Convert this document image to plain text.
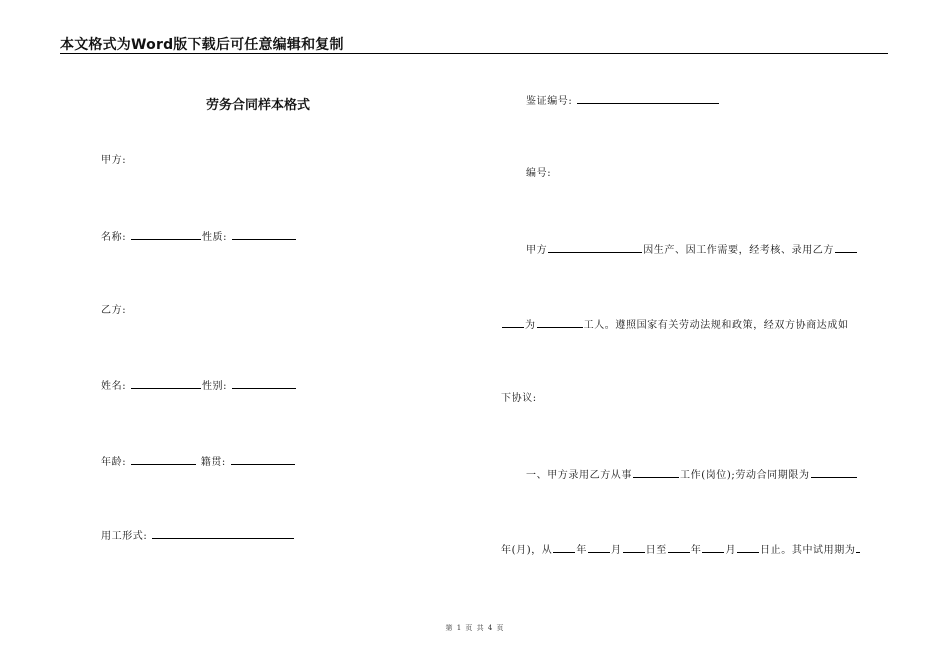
本文格式为Word版下载后可任意编辑和复制
劳务合同样本格式
甲方:
名称:	性质:
乙方:
姓名:	性别:
年龄:	籍贯:
用工形式:
鉴证编号:
编号:
甲方	因生产、因工作需要，经考核、录用乙方
为	工人。遵照国家有关劳动法规和政策，经双方协商达成如
下协议:
一、甲方录用乙方从事	工作(岗位);劳动合同期限为
年(月)，从 年 月 日至 年 月 日止。其中试用期为
第 1 页 共 4 页
